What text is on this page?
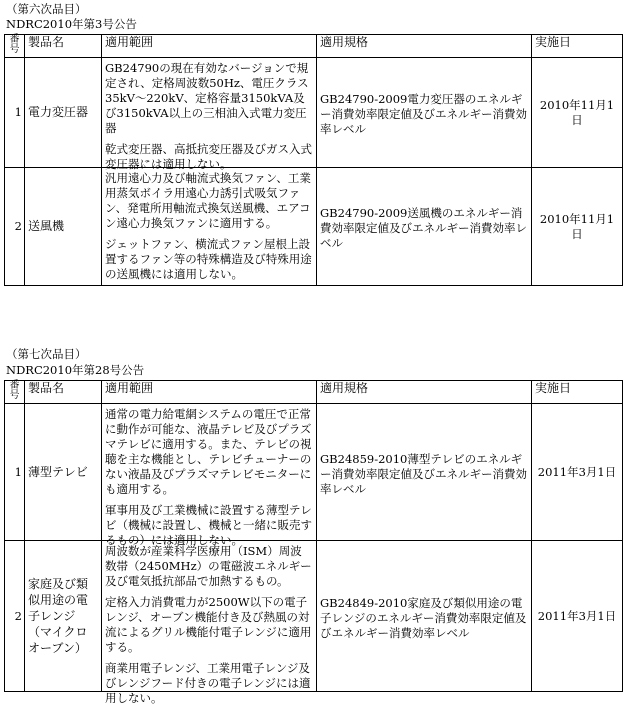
（第六次品目）
NDRC2010年第3号公告
番号	製品名	適用範囲	適用規格	実施日
1	電力変圧器	GB24790の現在有効なバージョンで規定され、定格周波数50Hz、電圧クラス35kV～220kV、定格容量3150kVA及び3150kVA以上の三相油入式電力変圧器

乾式変圧器、高抵抗変圧器及びガス入式変圧器には適用しない。	GB24790-2009電力変圧器のエネルギー消費効率限定値及びエネルギー消費効率レベル	2010年11月1日
2	送風機	汎用遠心力及び軸流式換気ファン、工業用蒸気ボイラ用遠心力誘引式吸気ファン、発電所用軸流式換気送風機、エアコン遠心力換気ファンに適用する。

ジェットファン、横流式ファン屋根上設置するファン等の特殊構造及び特殊用途の送風機には適用しない。	GB24790-2009送風機のエネルギー消費効率限定値及びエネルギー消費効率レベル	2010年11月1日
（第七次品目）
NDRC2010年第28号公告
番号	製品名	適用範囲	適用規格	実施日
1	薄型テレビ	通常の電力給電網システムの電圧で正常に動作が可能な、液晶テレビ及びプラズマテレビに適用する。また、テレビの視聴を主な機能とし、テレビチューナーのない液晶及びプラズマテレビモニターにも適用する。

軍事用及び工業機械に設置する薄型テレビ（機械に設置し、機械と一緒に販売するもの）には適用しない。	GB24859-2010薄型テレビのエネルギー消費効率限定値及びエネルギー消費効率レベル	2011年3月1日
2	家庭及び類似用途の電子レンジ（マイクロオーブン）	周波数が産業科学医療用（ISM）周波数帯（2450MHz）の電磁波エネルギー及び電気抵抗部品で加熱するもの。

定格入力消費電力が2500W以下の電子レンジ、オーブン機能付き及び熱風の対流によるグリル機能付電子レンジに適用する。

商業用電子レンジ、工業用電子レンジ及びレンジフード付きの電子レンジには適用しない。	GB24849-2010家庭及び類似用途の電子レンジのエネルギー消費効率限定値及びエネルギー消費効率レベル	2011年3月1日
